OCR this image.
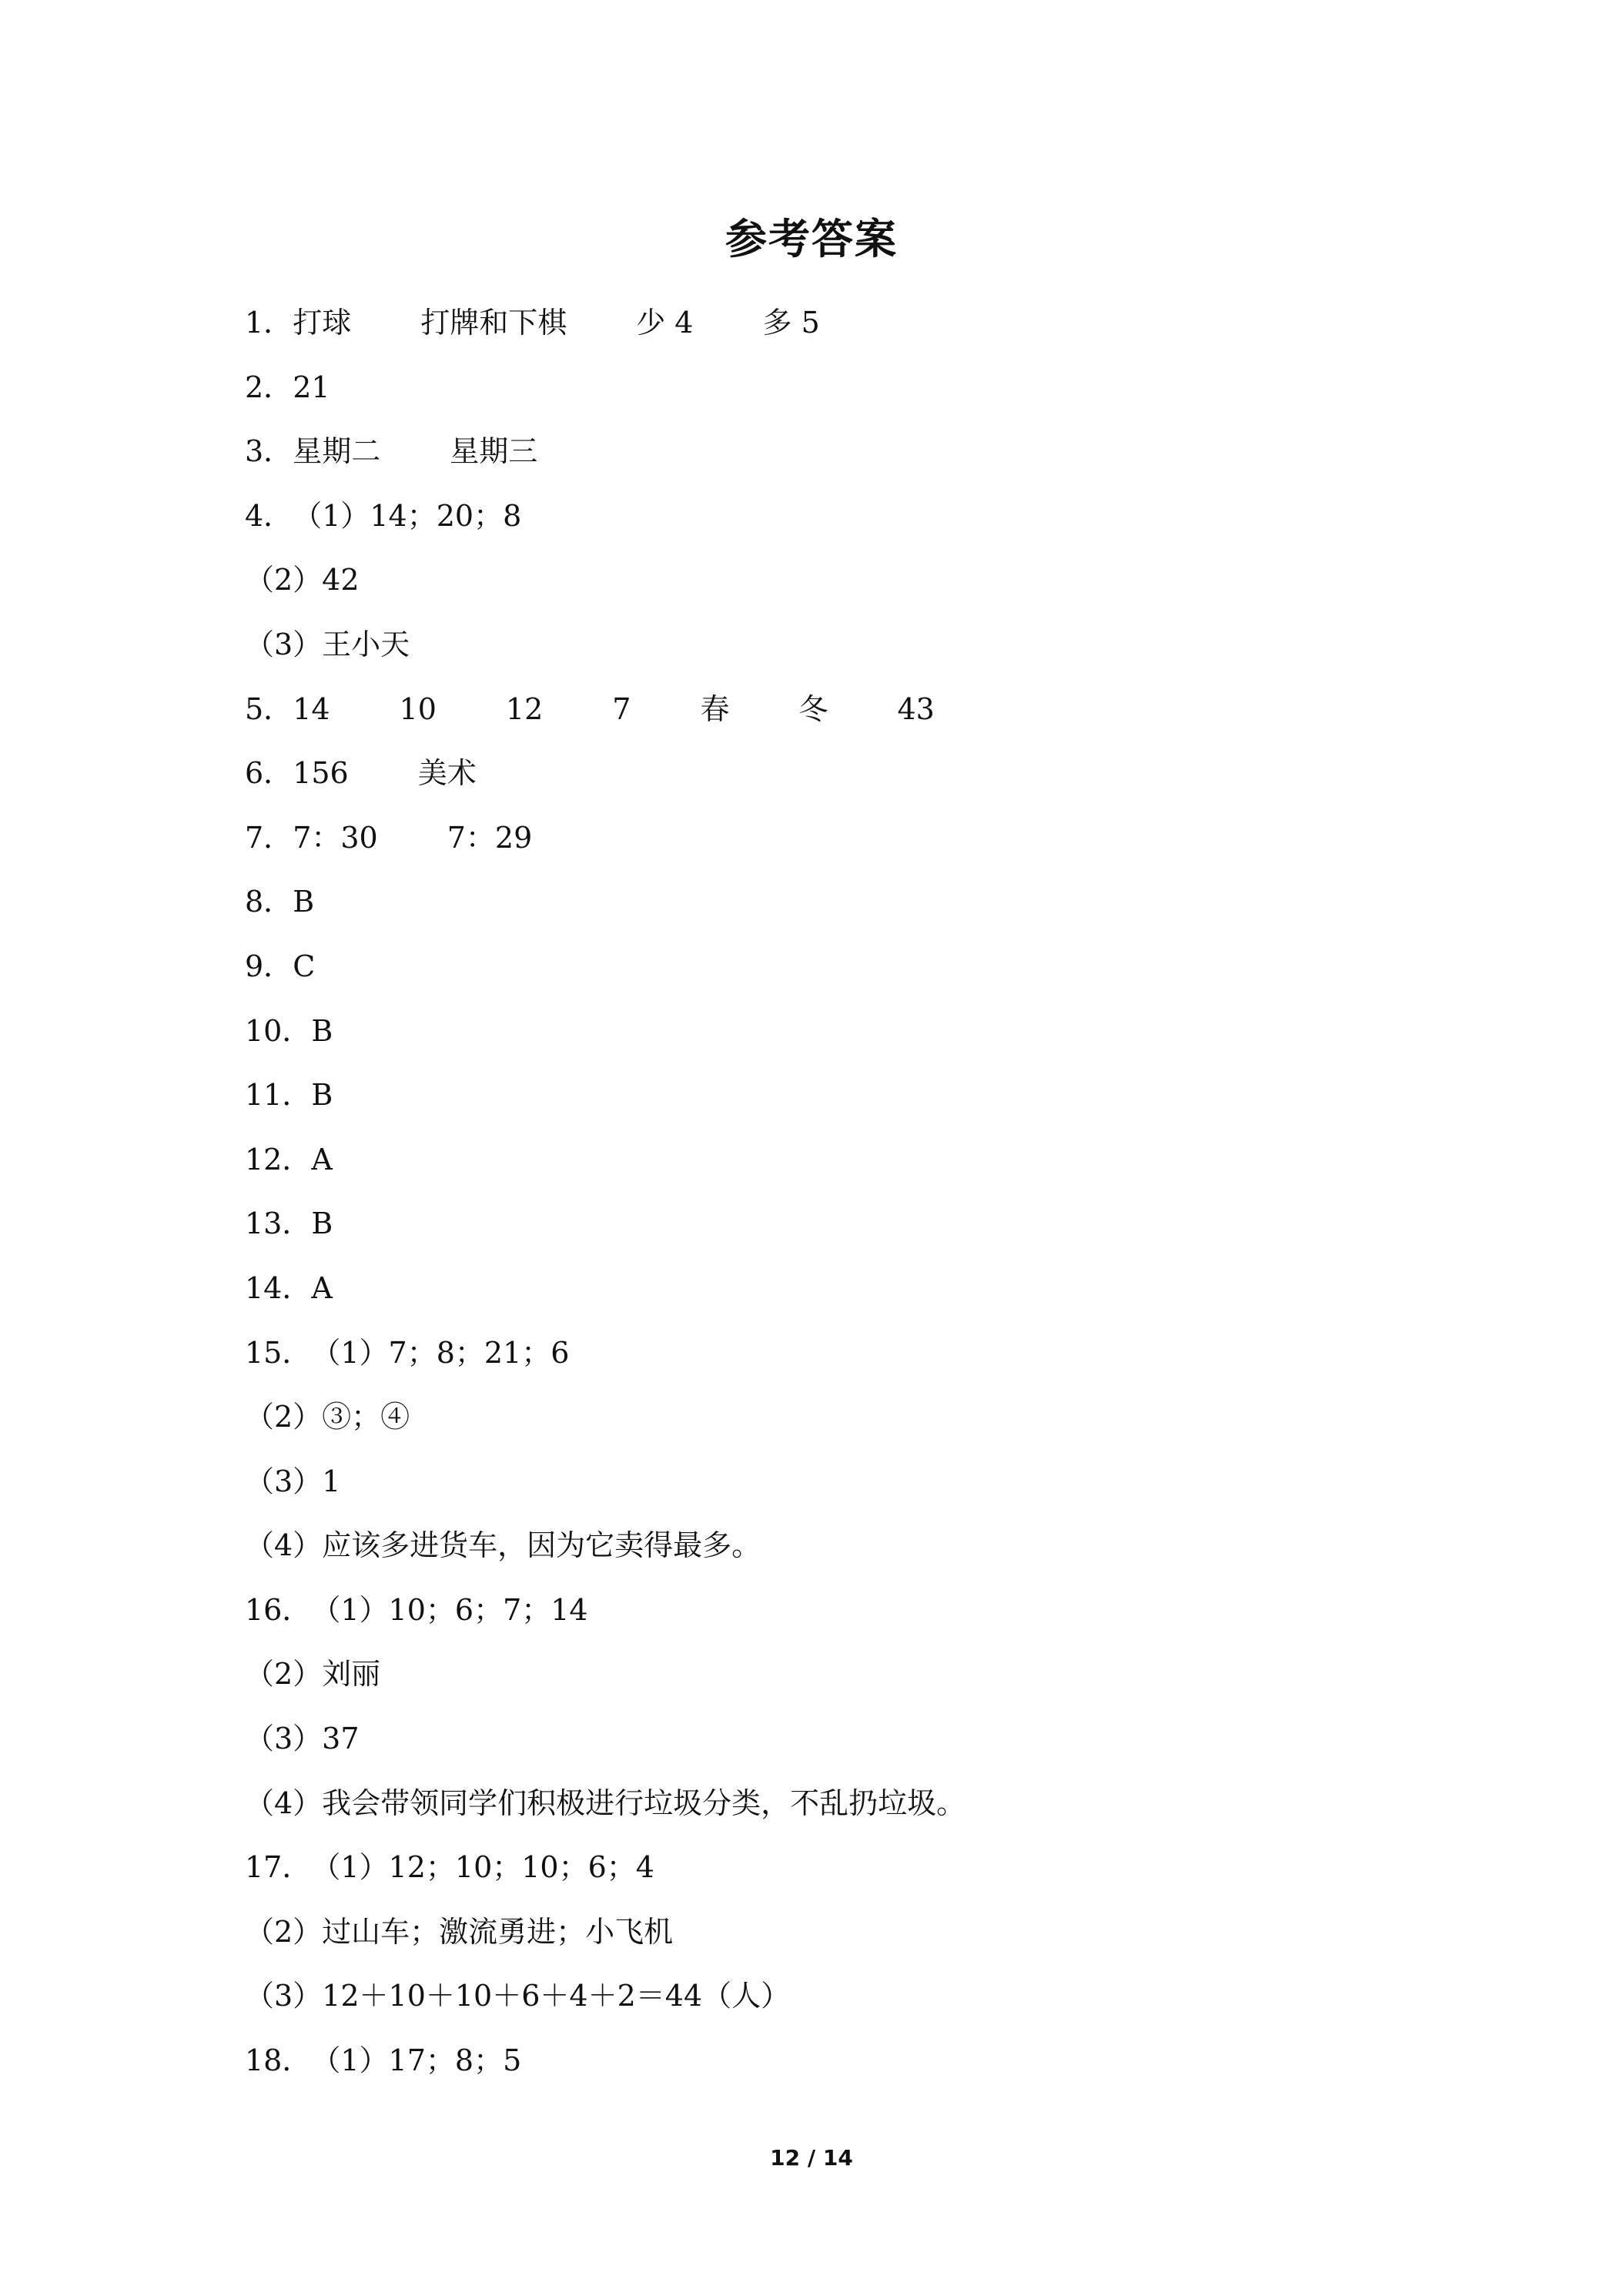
参考答案
1． 打球 打牌和下棋 少 4 多 5
2． 21
3． 星期二 星期三
4． （1）14；20；8
（2）42
（3）王小天
5． 14 10 12 7 春 冬 43
6． 156 美术
7． 7：30 7：29
8． B
9． C
10． B
11． B
12． A
13． B
14． A
15． （1）7；8；21；6
（2）③；④
（3）1
（4）应该多进货车，因为它卖得最多。
16． （1）10；6；7；14
（2）刘丽
（3）37
（4）我会带领同学们积极进行垃圾分类，不乱扔垃圾。
17． （1）12；10；10；6；4
（2）过山车；激流勇进；小飞机
（3）12＋10＋10＋6＋4＋2＝44（人）
18． （1）17；8；5
12 / 14
